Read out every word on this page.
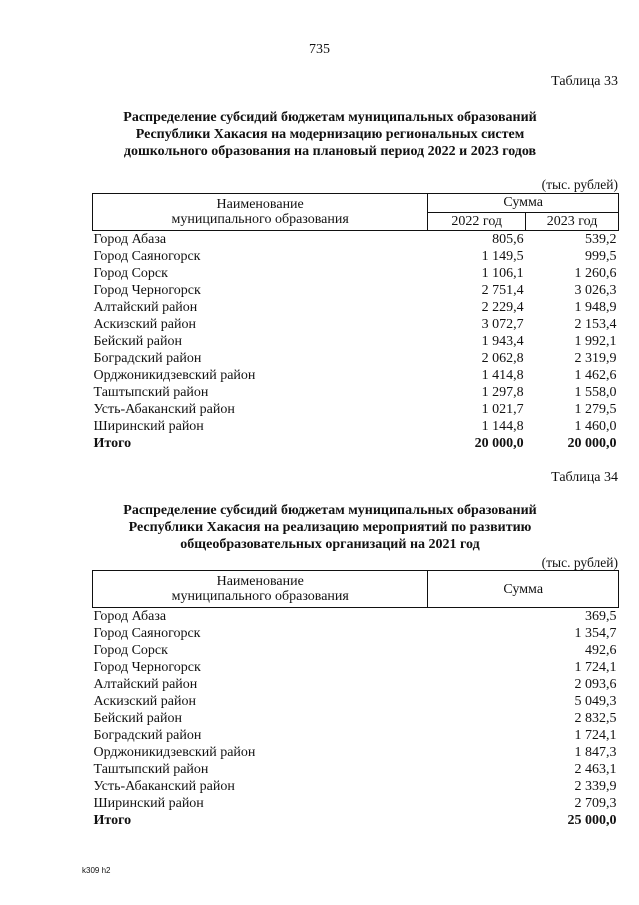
735
Таблица 33
Распределение субсидий бюджетам муниципальных образований
Республики Хакасия на модернизацию региональных систем
дошкольного образования на плановый период 2022 и 2023 годов
(тыс. рублей)
Наименование
муниципального образования	Сумма	
	2022 год	2023 год
Город Абаза	805,6	539,2
Город Саяногорск	1 149,5	999,5
Город Сорск	1 106,1	1 260,6
Город Черногорск	2 751,4	3 026,3
Алтайский район	2 229,4	1 948,9
Аскизский район	3 072,7	2 153,4
Бейский район	1 943,4	1 992,1
Боградский район	2 062,8	2 319,9
Орджоникидзевский район	1 414,8	1 462,6
Таштыпский район	1 297,8	1 558,0
Усть-Абаканский район	1 021,7	1 279,5
Ширинский район	1 144,8	1 460,0
Итого	20 000,0	20 000,0
Таблица 34
Распределение субсидий бюджетам муниципальных образований
Республики Хакасия на реализацию мероприятий по развитию
общеобразовательных организаций на 2021 год
(тыс. рублей)
Наименование
муниципального образования	Сумма
Город Абаза	369,5
Город Саяногорск	1 354,7
Город Сорск	492,6
Город Черногорск	1 724,1
Алтайский район	2 093,6
Аскизский район	5 049,3
Бейский район	2 832,5
Боградский район	1 724,1
Орджоникидзевский район	1 847,3
Таштыпский район	2 463,1
Усть-Абаканский район	2 339,9
Ширинский район	2 709,3
Итого	25 000,0
k309 h2
